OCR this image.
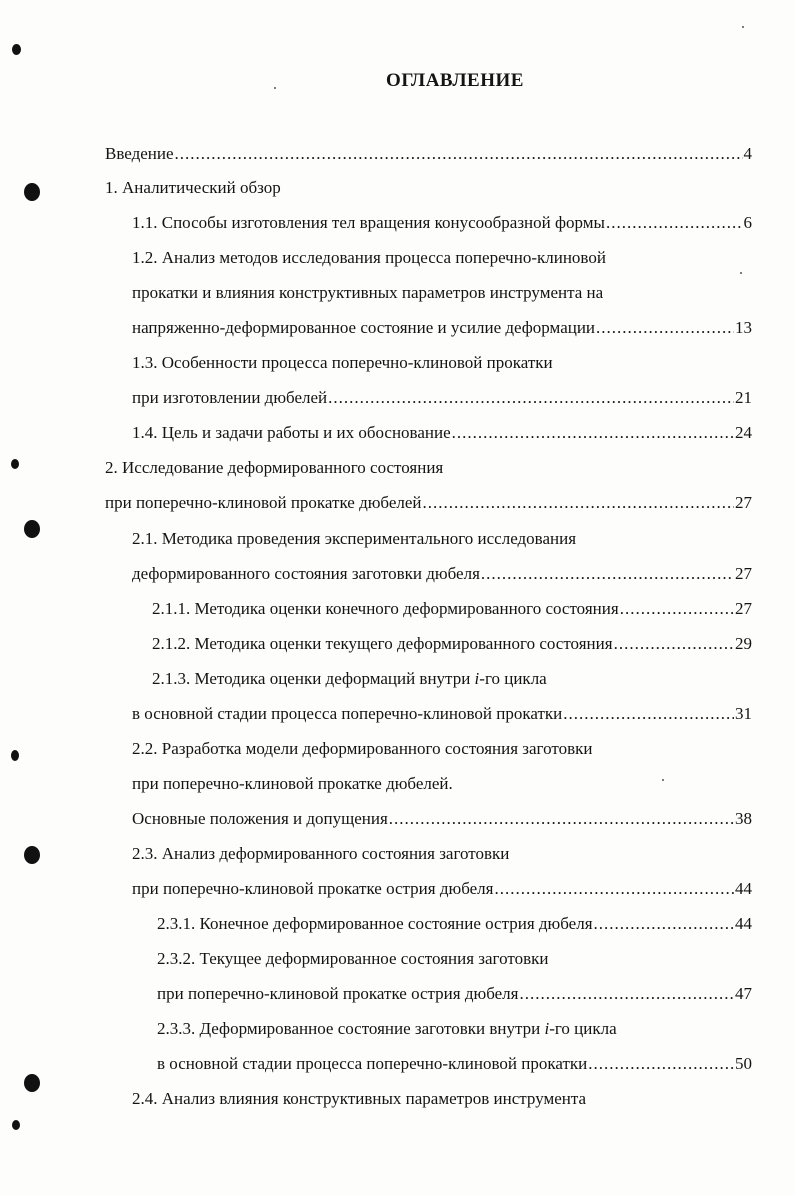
ОГЛАВЛЕНИЕ
Введение .....	4
1. Аналитический обзор
1.1. Способы изготовления тел вращения конусообразной формы .....	6
1.2. Анализ методов исследования процесса поперечно-клиновой
прокатки и влияния конструктивных параметров инструмента на
напряженно-деформированное состояние и усилие деформации .....	13
1.3. Особенности процесса поперечно-клиновой прокатки
при изготовлении дюбелей .....	21
1.4. Цель и задачи работы и их обоснование .....	24
2. Исследование деформированного состояния
при поперечно-клиновой прокатке дюбелей .....	27
2.1. Методика проведения экспериментального исследования
деформированного состояния заготовки дюбеля .....	27
2.1.1. Методика оценки конечного деформированного состояния .....	27
2.1.2. Методика оценки текущего деформированного состояния .....	29
2.1.3. Методика оценки деформаций внутри i-го цикла
в основной стадии процесса поперечно-клиновой прокатки .....	31
2.2. Разработка модели деформированного состояния заготовки
при поперечно-клиновой прокатке дюбелей.
Основные положения и допущения .....	38
2.3. Анализ деформированного состояния заготовки
при поперечно-клиновой прокатке острия дюбеля .....	44
2.3.1. Конечное деформированное состояние острия дюбеля .....	44
2.3.2. Текущее деформированное состояния заготовки
при поперечно-клиновой прокатке острия дюбеля .....	47
2.3.3. Деформированное состояние заготовки внутри i-го цикла
в основной стадии процесса поперечно-клиновой прокатки .....	50
2.4. Анализ влияния конструктивных параметров инструмента
